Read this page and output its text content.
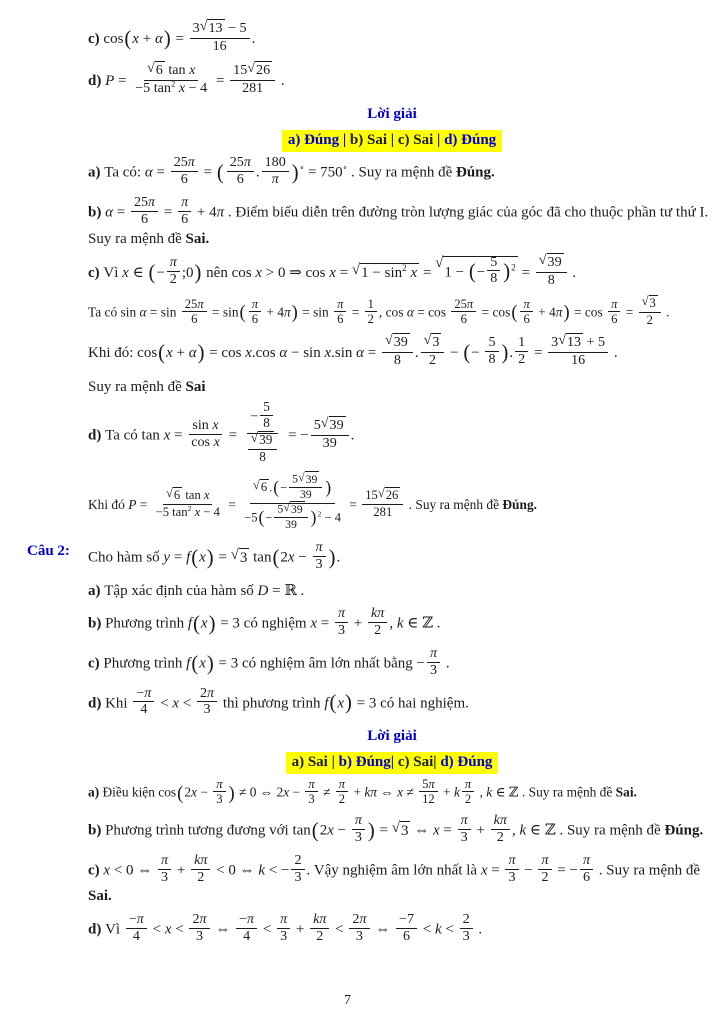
c) $\cos(x + \alpha) = \frac{3 √ 13 - 5}{16}$ .
d) $P = \frac{\text{√ 6 tan x}}{-5 \tan^2 x - 4} = \frac{15 √ 26}{281}$ .
Lời giải
a) Đúng | b) Sai | c) Sai | d) Đúng
a) Ta có: $\alpha = \frac{25\pi}{6}$ = ( $\frac{25\pi}{6}$ . $\frac{180}{\pi} )^\circ = 750^\circ$ . Suy ra mệnh đề Đúng.
b) $\alpha = \frac{25\pi}{6} = \frac{\pi}{6} + 4\pi$ . Điểm biểu diễn trên đường tròn lượng giác của góc đã cho thuộc phần tư thứ I. Suy ra mệnh đề Sai.
c) Vì x ∈ (− $\frac{\pi}{2}$ ;0) nên cos x > 0 ⇒ cos x = √ $1 - \sin^2 x$ =
√
1 − (− $\frac{5}{8} )^2 = \frac{√ 39}{8}$ .
Ta có $\sin \alpha = \sin \frac{25\pi}{6} = \sin( \frac{\pi}{6} + 4\pi) = \sin \frac{\pi}{6} = \frac{1}{2}$ , $\cos \alpha = \cos \frac{25\pi}{6} = \cos( \frac{\pi}{6} + 4\pi) = \cos \frac{\pi}{6} = \frac{√ 3}{2}$ .
Khi đó: cos(x + α) = cos x.cos α − sin x.sin $\alpha = \frac{√ 39}{8}$ . $\frac{√ 3}{2}$ − (− $\frac{5}{8}$ ). $\frac{1}{2} = \frac{3 √ 13 + 5}{16}$ .
Suy ra mệnh đề Sai
d) Ta có $\tan x = \frac{\text{sin x}}{\text{cos x}} = \frac{- \frac{5}{8}}{\frac{√ 39}{8}}$ = − $\frac{5 √ 39}{39}$ .
Khi đó $P = \frac{\text{√ 6 tan x}}{-5 \tan^2 x - 4} = \frac{√ 6 .(- \frac{5 √ 39}{39} )}{-5(- \frac{5 √ 39}{39} )^2 - 4} = \frac{15 √ 26}{281}$ . Suy ra mệnh đề Đúng.
Câu 2:	Cho hàm số y = f(x) = √ 3 $\tan(2x - \frac{\pi}{3}$ ).
a) Tập xác định của hàm số D = ℝ .
b) Phương trình f(x) = 3 có nghiệm $x = \frac{\pi}{3} + \frac{k\pi}{2}$ , k ∈ ℤ .
c) Phương trình f(x) = 3 có nghiệm âm lớn nhất bằng − $\frac{\pi}{3}$ .
d) Khi $\frac{-\pi}{4} < x < \frac{2\pi}{3}$ thì phương trình f(x) = 3 có hai nghiệm.
Lời giải
a) Sai | b) Đúng| c) Sai| d) Đúng
a) Điều kiện $\cos(2x - \frac{\pi}{3}$ ) ≠ 0 ⇔ $2x - \frac{\pi}{3} \ne \frac{\pi}{2} + k\pi$ ⇔ $x \ne \frac{5\pi}{12} + k \frac{\pi}{2}$ , k ∈ ℤ . Suy ra mệnh đề Sai.
b) Phương trình tương đương với $\tan(2x - \frac{\pi}{3}$ ) = √ 3 ⇔ $x = \frac{\pi}{3} + \frac{k\pi}{2}$ , k ∈ ℤ . Suy ra mệnh đề Đúng.
c) x < 0 ⇔ $\frac{\pi}{3} + \frac{k\pi}{2} < 0$ ⇔ k < − $\frac{2}{3}$ . Vậy nghiệm âm lớn nhất là $x = \frac{\pi}{3} - \frac{\pi}{2}$ = − $\frac{\pi}{6}$ . Suy ra mệnh đề Sai.
d) Vì $\frac{-\pi}{4} < x < \frac{2\pi}{3}$ ⇔ $\frac{-\pi}{4} < \frac{\pi}{3} + \frac{k\pi}{2} < \frac{2\pi}{3}$ ⇔ $\frac{-7}{6} < k < \frac{2}{3}$ .
7
